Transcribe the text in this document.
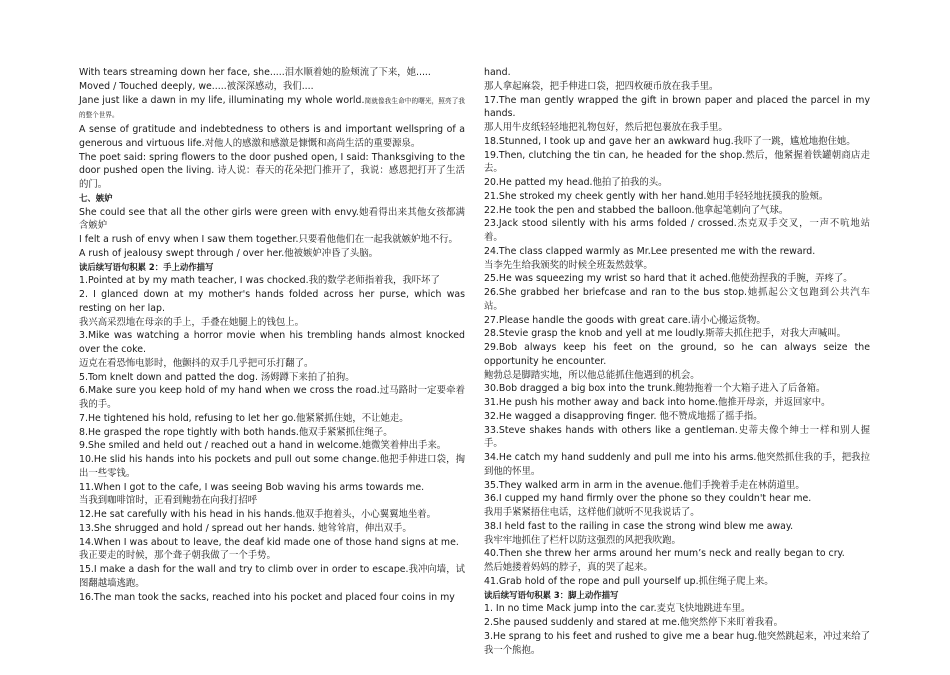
With tears streaming down her face, she.....泪水顺着她的脸颊流了下来，她.....

Moved / Touched deeply, we.....被深深感动，我们....

Jane just like a dawn in my life, illuminating my whole world.简就像我生命中的曙光，照亮了我的整个世界。

A sense of gratitude and indebtedness to others is and important wellspring of a generous and virtuous life.对他人的感激和感激是慷慨和高尚生活的重要源泉。

The poet said: spring flowers to the door pushed open, I said: Thanksgiving to the door pushed open the living. 诗人说：春天的花朵把门推开了，我说：感恩把打开了生活的门。

七、嫉妒

She could see that all the other girls were green with envy.她看得出来其他女孩都满含嫉妒

I felt a rush of envy when I saw them together.只要看他他们在一起我就嫉妒地不行。

A rush of jealousy swept through / over her.他被嫉妒冲昏了头脑。

读后续写语句积累 2：手上动作描写

1.Pointed at by my math teacher, I was chocked.我的数学老师指着我，我吓坏了

2. I glanced down at my mother's hands folded across her purse, which was resting on her lap.

我兴高采烈地在母亲的手上，手叠在她腿上的钱包上。

3.Mike was watching a horror movie when his trembling hands almost knocked over the coke.

迈克在看恐怖电影时，他颤抖的双手几乎把可乐打翻了。

5.Tom knelt down and patted the dog. 汤姆蹲下来拍了拍狗。

6.Make sure you keep hold of my hand when we cross the road.过马路时一定要牵着我的手。

7.He tightened his hold, refusing to let her go.他紧紧抓住她，不让她走。

8.He grasped the rope tightly with both hands.他双手紧紧抓住绳子。

9.She smiled and held out / reached out a hand in welcome.她微笑着伸出手来。

10.He slid his hands into his pockets and pull out some change.他把手伸进口袋，掏出一些零钱。

11.When I got to the cafe, I was seeing Bob waving his arms towards me.

当我到咖啡馆时，正看到鲍勃在向我打招呼

12.He sat carefully with his head in his hands.他双手抱着头，小心翼翼地坐着。

13.She shrugged and hold / spread out her hands. 她耸耸肩，伸出双手。

14.When I was about to leave, the deaf kid made one of those hand signs at me.

我正要走的时候，那个聋子朝我做了一个手势。

15.I make a dash for the wall and try to climb over in order to escape.我冲向墙，试图翻越墙逃跑。

16.The man took the sacks, reached into his pocket and placed four coins in my

hand.

那人拿起麻袋，把手伸进口袋，把四枚硬币放在我手里。

17.The man gently wrapped the gift in brown paper and placed the parcel in my hands.

那人用牛皮纸轻轻地把礼物包好，然后把包裹放在我手里。

18.Stunned, I took up and gave her an awkward hug.我吓了一跳，尴尬地抱住她。

19.Then, clutching the tin can, he headed for the shop.然后，他紧握着铁罐朝商店走去。

20.He patted my head.他拍了拍我的头。

21.She stroked my cheek gently with her hand.她用手轻轻地抚摸我的脸颊。

22.He took the pen and stabbed the balloon.他拿起笔刺向了气球。

23.Jack stood silently with his arms folded / crossed.杰克双手交叉，一声不吭地站着。

24.The class clapped warmly as Mr.Lee presented me with the reward.

当李先生给我颁奖的时候全班轰然鼓掌。

25.He was squeezing my wrist so hard that it ached.他使劲捏我的手腕，弄疼了。

26.She grabbed her briefcase and ran to the bus stop.她抓起公文包跑到公共汽车站。

27.Please handle the goods with great care.请小心搬运货物。

28.Stevie grasp the knob and yell at me loudly.斯蒂夫抓住把手，对我大声喊叫。

29.Bob always keep his feet on the ground, so he can always seize the opportunity he encounter.

鲍勃总是脚踏实地，所以他总能抓住他遇到的机会。

30.Bob dragged a big box into the trunk.鲍勃拖着一个大箱子进入了后备箱。

31.He push his mother away and back into home.他推开母亲，并返回家中。

32.He wagged a disapproving finger. 他不赞成地摇了摇手指。

33.Steve shakes hands with others like a gentleman.史蒂夫像个绅士一样和别人握手。

34.He catch my hand suddenly and pull me into his arms.他突然抓住我的手，把我拉到他的怀里。

35.They walked arm in arm in the avenue.他们手挽着手走在林荫道里。

36.I cupped my hand firmly over the phone so they couldn't hear me.

我用手紧紧捂住电话，这样他们就听不见我说话了。

38.I held fast to the railing in case the strong wind blew me away.

我牢牢地抓住了栏杆以防这强烈的风把我吹跑。

40.Then she threw her arms around her mum’s neck and really began to cry.

然后她搂着妈妈的脖子，真的哭了起来。

41.Grab hold of the rope and pull yourself up.抓住绳子爬上来。

读后续写语句积累 3：脚上动作描写

1. In no time Mack jump into the car.麦克飞快地跳进车里。

2.She paused suddenly and stared at me.他突然停下来盯着我看。

3.He sprang to his feet and rushed to give me a bear hug.他突然跳起来，冲过来给了我一个熊抱。
